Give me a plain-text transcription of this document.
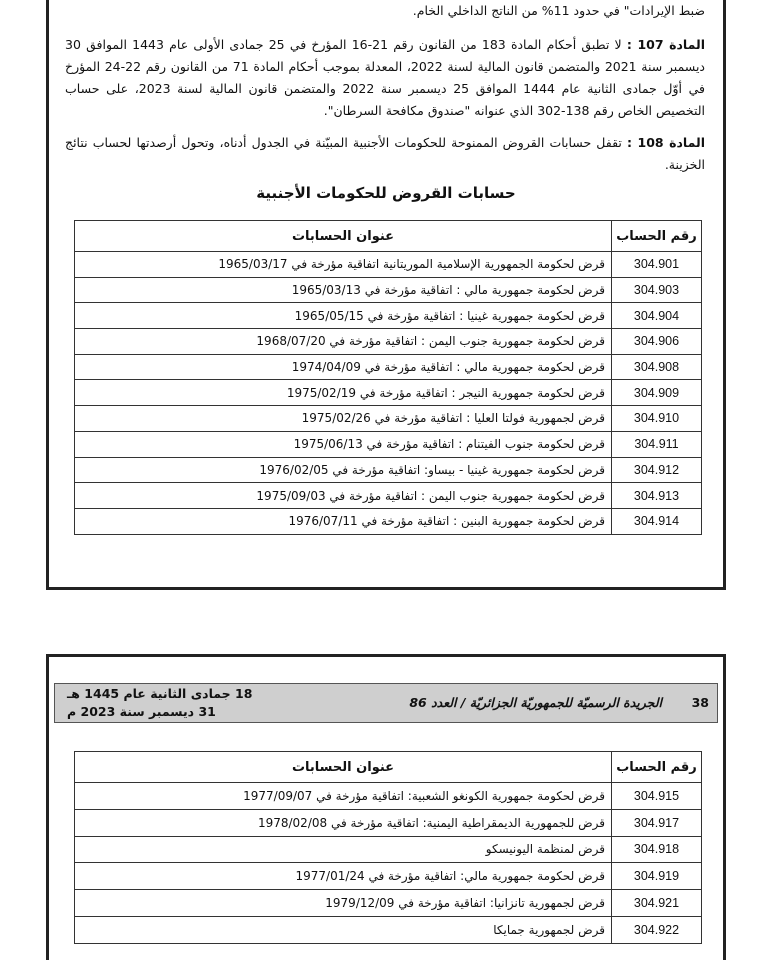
ضبط الإيرادات" في حدود 11% من الناتج الداخلي الخام.

المادة 107 : لا تطبق أحكام المادة 183 من القانون رقم 21-16 المؤرخ في 25 جمادى الأولى عام 1443 الموافق 30 ديسمبر سنة 2021 والمتضمن قانون المالية لسنة 2022، المعدلة بموجب أحكام المادة 71 من القانون رقم 22-24 المؤرخ في أوّل جمادى الثانية عام 1444 الموافق 25 ديسمبر سنة 2022 والمتضمن قانون المالية لسنة 2023، على حساب التخصيص الخاص رقم 138-302 الذي عنوانه "صندوق مكافحة السرطان".

المادة 108 : تقفل حسابات القروض الممنوحة للحكومات الأجنبية المبيّنة في الجدول أدناه، وتحول أرصدتها لحساب نتائج الخزينة.

حسابات القروض للحكومات الأجنبية
رقم الحساب	عنوان الحسابات
304.901	قرض لحكومة الجمهورية الإسلامية الموريتانية اتفاقية مؤرخة في 1965/03/17
304.903	قرض لحكومة جمهورية مالي : اتفاقية مؤرخة في 1965/03/13
304.904	قرض لحكومة جمهورية غينيا : اتفاقية مؤرخة في 1965/05/15
304.906	قرض لحكومة جمهورية جنوب اليمن : اتفاقية مؤرخة في 1968/07/20
304.908	قرض لحكومة جمهورية مالي : اتفاقية مؤرخة في 1974/04/09
304.909	قرض لحكومة جمهورية النيجر : اتفاقية مؤرخة في 1975/02/19
304.910	قرض لجمهورية فولتا العليا : اتفاقية مؤرخة في 1975/02/26
304.911	قرض لحكومة جنوب الفيتنام : اتفاقية مؤرخة في 1975/06/13
304.912	قرض لحكومة جمهورية غينيا - بيساو: اتفاقية مؤرخة في 1976/02/05
304.913	قرض لحكومة جمهورية جنوب اليمن : اتفاقية مؤرخة في 1975/09/03
304.914	قرض لحكومة جمهورية البنين : اتفاقية مؤرخة في 1976/07/11
38
الجريدة الرسميّة للجمهوريّة الجزائريّة / العدد 86
18 جمادى الثانية عام 1445 هـ
31 ديسمبر سنة 2023 م
رقم الحساب	عنوان الحسابات
304.915	قرض لحكومة جمهورية الكونغو الشعبية: اتفاقية مؤرخة في 1977/09/07
304.917	قرض للجمهورية الديمقراطية اليمنية: اتفاقية مؤرخة في 1978/02/08
304.918	قرض لمنظمة اليونيسكو
304.919	قرض لحكومة جمهورية مالي: اتفاقية مؤرخة في 1977/01/24
304.921	قرض لجمهورية تانزانيا: اتفاقية مؤرخة في 1979/12/09
304.922	قرض لجمهورية جمايكا
